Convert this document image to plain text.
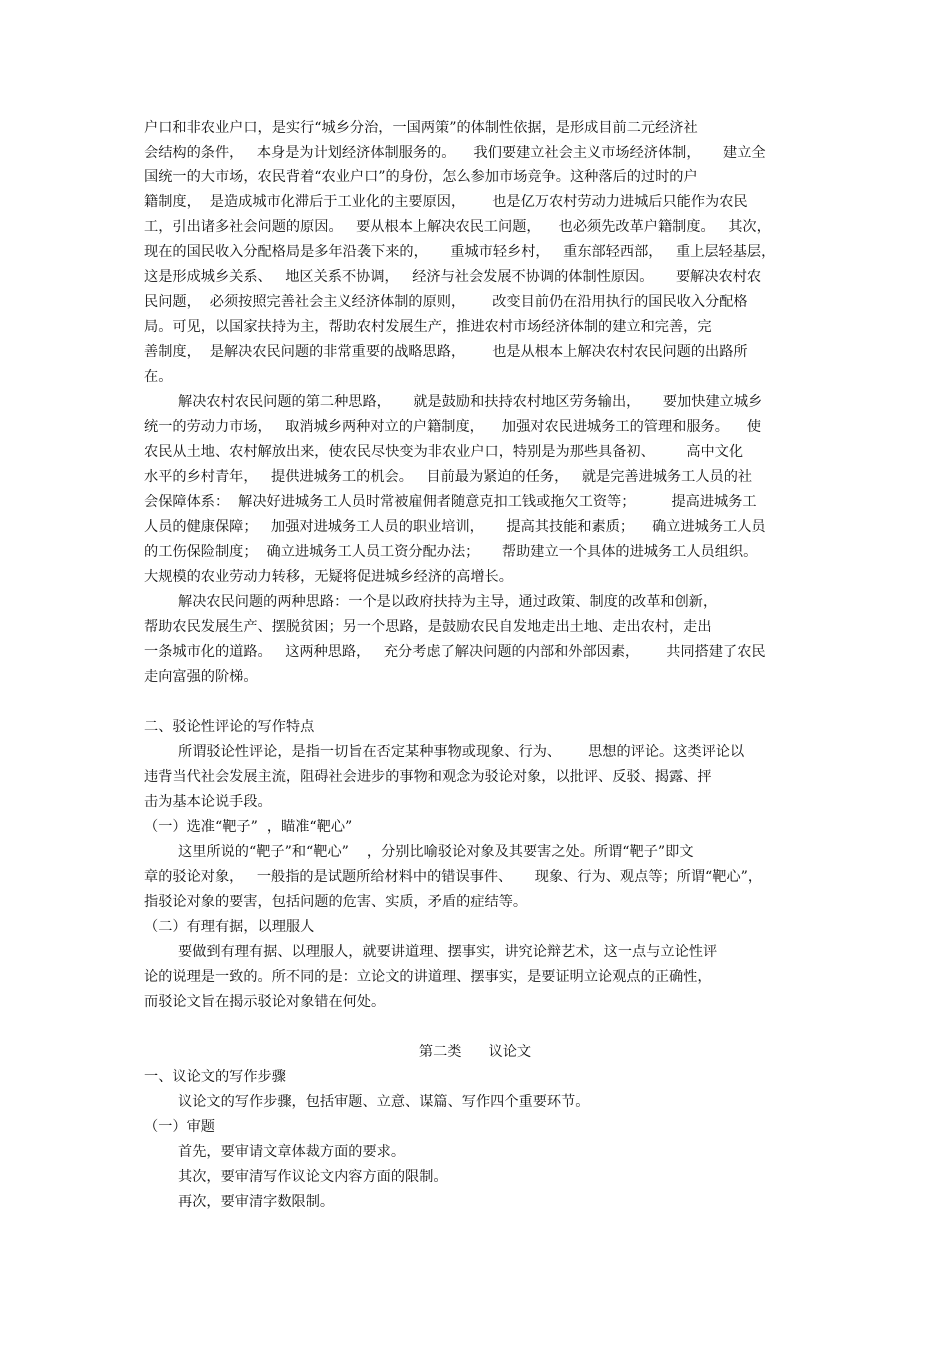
户口和非农业户口，是实行“城乡分治，一国两策”的体制性依据，是形成目前二元经济社
会结构的条件，   本身是为计划经济体制服务的。    我们要建立社会主义市场经济体制，     建立全
国统一的大市场，农民背着“农业户口”的身份，怎么参加市场竞争。这种落后的过时的户
籍制度，  是造成城市化滞后于工业化的主要原因，      也是亿万农村劳动力进城后只能作为农民
工，引出诸多社会问题的原因。   要从根本上解决农民工问题，    也必须先改革户籍制度。   其次，
现在的国民收入分配格局是多年沿袭下来的，     重城市轻乡村，   重东部轻西部，   重上层轻基层，
这是形成城乡关系、   地区关系不协调，   经济与社会发展不协调的体制性原因。     要解决农村农
民问题，  必须按照完善社会主义经济体制的原则，      改变目前仍在沿用执行的国民收入分配格
局。可见，以国家扶持为主，帮助农村发展生产，推进农村市场经济体制的建立和完善，完
善制度，  是解决农民问题的非常重要的战略思路，      也是从根本上解决农村农民问题的出路所
在。
解决农村农民问题的第二种思路，     就是鼓励和扶持农村地区劳务输出，     要加快建立城乡
统一的劳动力市场，   取消城乡两种对立的户籍制度，    加强对农民进城务工的管理和服务。    使
农民从土地、农村解放出来，使农民尽快变为非农业户口，特别是为那些具备初、       高中文化
水平的乡村青年，   提供进城务工的机会。   目前最为紧迫的任务，   就是完善进城务工人员的社
会保障体系：  解决好进城务工人员时常被雇佣者随意克扣工钱或拖欠工资等；        提高进城务工
人员的健康保障；   加强对进城务工人员的职业培训，     提高其技能和素质；    确立进城务工人员
的工伤保险制度；  确立进城务工人员工资分配办法；     帮助建立一个具体的进城务工人员组织。
大规模的农业劳动力转移，无疑将促进城乡经济的高增长。
解决农民问题的两种思路：一个是以政府扶持为主导，通过政策、制度的改革和创新，
帮助农民发展生产、摆脱贫困；另一个思路，是鼓励农民自发地走出土地、走出农村，走出
一条城市化的道路。   这两种思路，   充分考虑了解决问题的内部和外部因素，      共同搭建了农民
走向富强的阶梯。
二、驳论性评论的写作特点
所谓驳论性评论，是指一切旨在否定某种事物或现象、行为、      思想的评论。这类评论以
违背当代社会发展主流，阻碍社会进步的事物和观念为驳论对象，以批评、反驳、揭露、抨
击为基本论说手段。
（一）选准“靶子”  ，瞄准“靶心”
这里所说的“靶子”和“靶心”    ，分别比喻驳论对象及其要害之处。所谓“靶子”即文
章的驳论对象，   一般指的是试题所给材料中的错误事件、     现象、行为、观点等；所谓“靶心”，
指驳论对象的要害，包括问题的危害、实质，矛盾的症结等。
（二）有理有据，以理服人
要做到有理有据、以理服人，就要讲道理、摆事实，讲究论辩艺术，这一点与立论性评
论的说理是一致的。所不同的是：立论文的讲道理、摆事实，是要证明立论观点的正确性，
而驳论文旨在揭示驳论对象错在何处。
第二类      议论文
一、议论文的写作步骤
议论文的写作步骤，包括审题、立意、谋篇、写作四个重要环节。
（一）审题
首先，要审请文章体裁方面的要求。
其次，要审清写作议论文内容方面的限制。
再次，要审清字数限制。
